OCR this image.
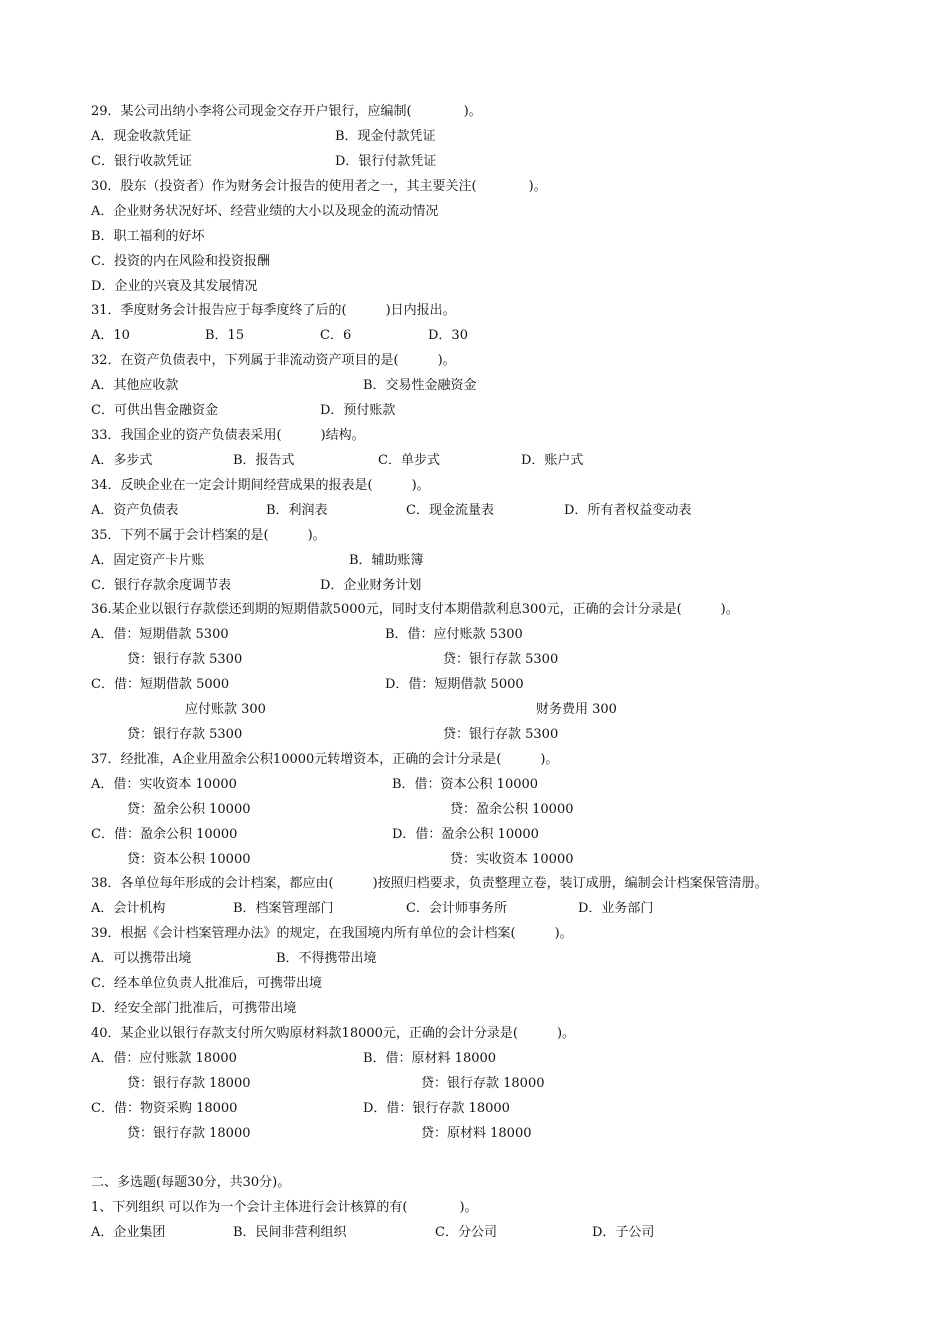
29．某公司出纳小李将公司现金交存开户银行，应编制(　　　　)。
A．现金收款凭证	B．现金付款凭证
C．银行收款凭证	D．银行付款凭证
30．股东（投资者）作为财务会计报告的使用者之一，其主要关注(　　　　)。
A．企业财务状况好坏、经营业绩的大小以及现金的流动情况
B．职工福利的好坏
C．投资的内在风险和投资报酬
D．企业的兴衰及其发展情况
31．季度财务会计报告应于每季度终了后的(　　　)日内报出。
A．10	B．15	C．6	D．30
32．在资产负债表中，下列属于非流动资产项目的是(　　　)。
A．其他应收款	B．交易性金融资金
C．可供出售金融资金	D．预付账款
33．我国企业的资产负债表采用(　　　)结构。
A．多步式	B．报告式	C．单步式	D．账户式
34．反映企业在一定会计期间经营成果的报表是(　　　)。
A．资产负债表	B．利润表	C．现金流量表	D．所有者权益变动表
35．下列不属于会计档案的是(　　　)。
A．固定资产卡片账	B．辅助账簿
C．银行存款余度调节表	D．企业财务计划
36.某企业以银行存款偿还到期的短期借款5000元，同时支付本期借款利息300元，正确的会计分录是(　　　)。
A．借：短期借款 5300	B．借：应付账款 5300
贷：银行存款 5300	贷：银行存款 5300
C．借：短期借款 5000	D．借：短期借款 5000
应付账款 300	财务费用 300
贷：银行存款 5300	贷：银行存款 5300
37．经批准，A企业用盈余公积10000元转增资本，正确的会计分录是(　　　)。
A．借：实收资本 10000	B．借：资本公积 10000
贷：盈余公积 10000	贷：盈余公积 10000
C．借：盈余公积 10000	D．借：盈余公积 10000
贷：资本公积 10000	贷：实收资本 10000
38．各单位每年形成的会计档案，都应由(　　　)按照归档要求，负责整理立卷，装订成册，编制会计档案保管清册。
A．会计机构	B．档案管理部门	C．会计师事务所	D．业务部门
39．根据《会计档案管理办法》的规定，在我国境内所有单位的会计档案(　　　)。
A．可以携带出境	B．不得携带出境
C．经本单位负责人批准后，可携带出境
D．经安全部门批准后，可携带出境
40．某企业以银行存款支付所欠购原材料款18000元，正确的会计分录是(　　　)。
A．借：应付账款 18000	B．借：原材料 18000
贷：银行存款 18000	贷：银行存款 18000
C．借：物资采购 18000	D．借：银行存款 18000
贷：银行存款 18000	贷：原材料 18000
二、多选题(每题30分，共30分)。
1、下列组织 可以作为一个会计主体进行会计核算的有(　　　　)。
A．企业集团	B．民间非营利组织	C．分公司	D．子公司
